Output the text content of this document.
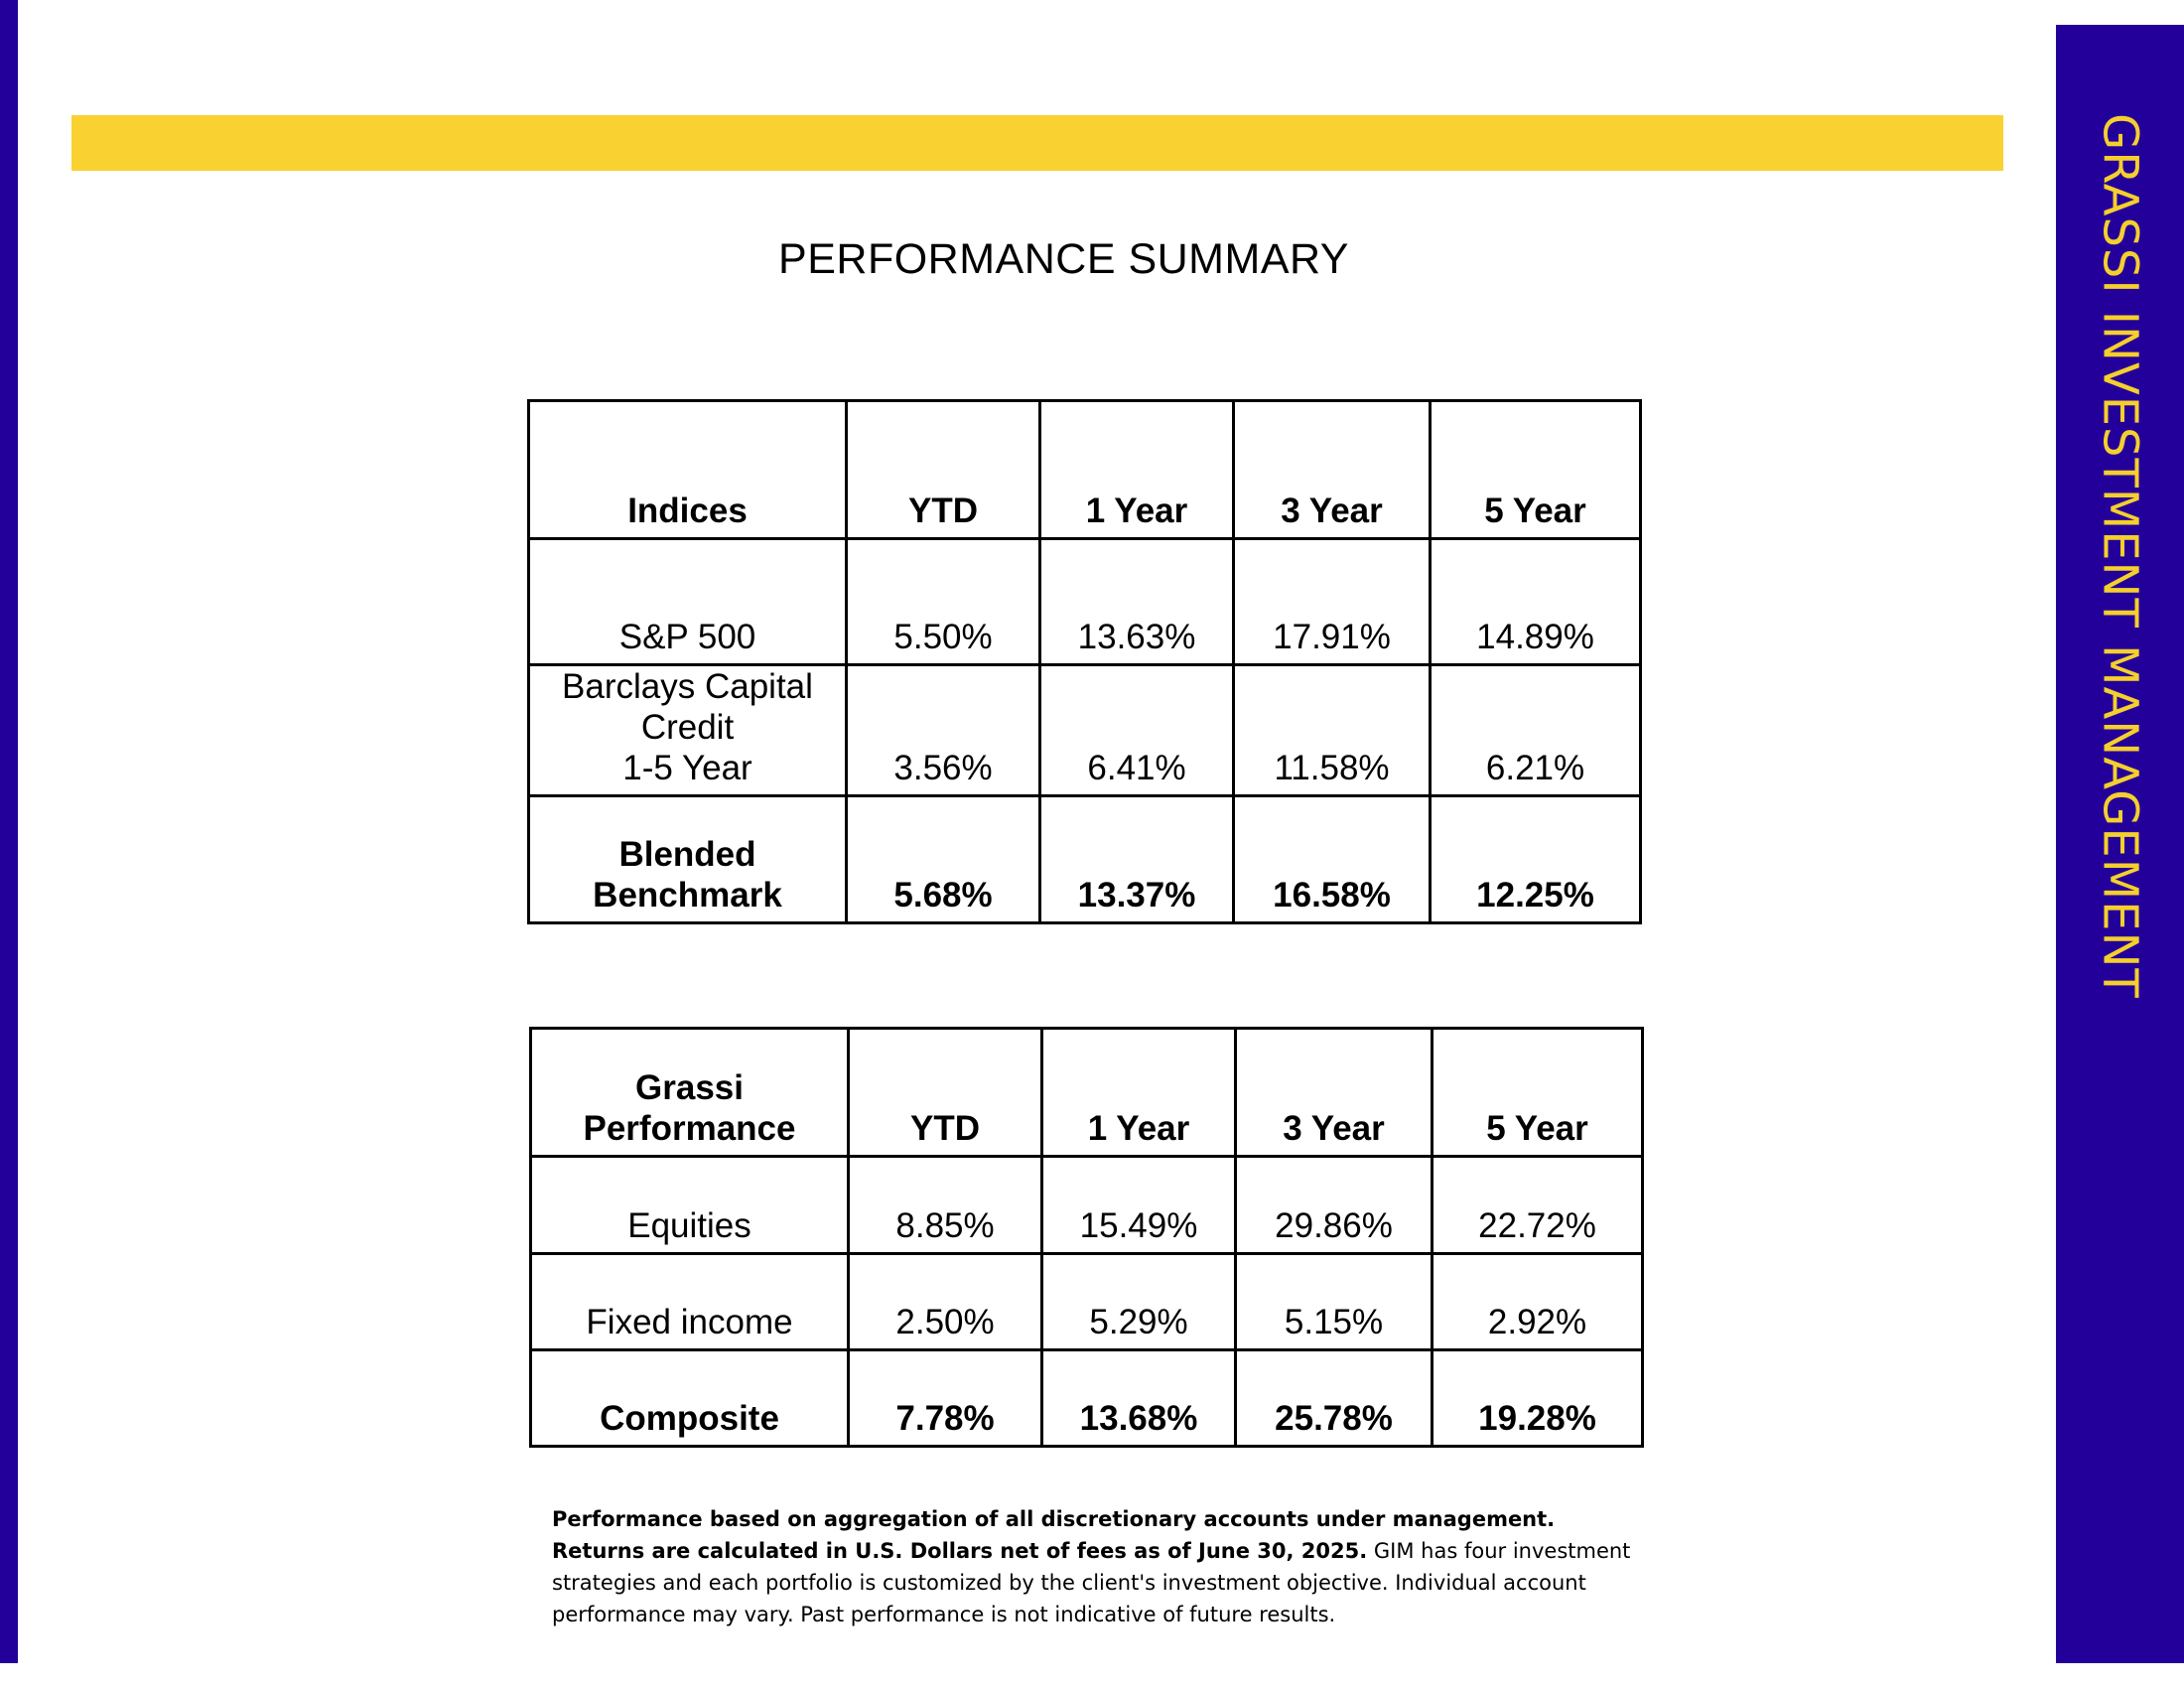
GRASSI INVESTMENT MANAGEMENT
PERFORMANCE SUMMARY
Indices	YTD	1 Year	3 Year	5 Year
S&P 500	5.50%	13.63%	17.91%	14.89%

Barclays Capital
Credit
1-5 Year	3.56%	6.41%	11.58%	6.21%

Blended
Benchmark	5.68%	13.37%	16.58%	12.25%
Grassi
Performance	YTD	1 Year	3 Year	5 Year
Equities	8.85%	15.49%	29.86%	22.72%
Fixed income	2.50%	5.29%	5.15%	2.92%
Composite	7.78%	13.68%	25.78%	19.28%
Performance based on aggregation of all discretionary accounts under management. Returns are calculated in U.S. Dollars net of fees as of June 30, 2025. GIM has four investment strategies and each portfolio is customized by the client's investment objective. Individual account performance may vary. Past performance is not indicative of future results.
